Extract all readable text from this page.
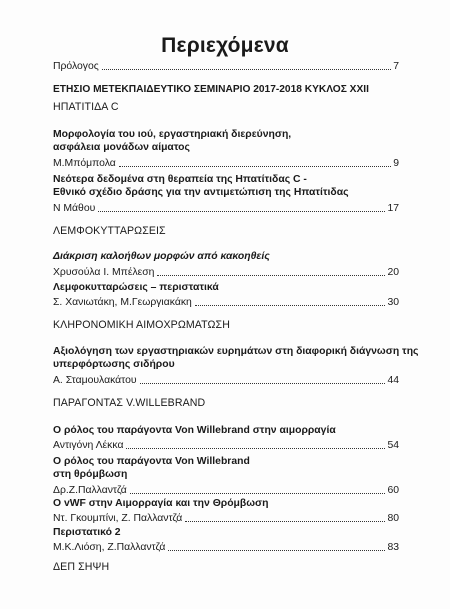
Περιεχόμενα
Πρόλογος	7
ΕΤΗΣΙΟ ΜΕΤΕΚΠΑΙΔΕΥΤΙΚΟ ΣΕΜΙΝΑΡΙΟ 2017-2018 ΚΥΚΛΟΣ XXII
ΗΠΑΤΙΤΙΔΑ C
Μορφολογία του ιού, εργαστηριακή διερεύνηση,
ασφάλεια μονάδων αίματος
Μ.Μπόμπολα	9
Νεότερα δεδομένα στη θεραπεία της Ηπατίτιδας C -
Εθνικό σχέδιο δράσης για την αντιμετώπιση της Ηπατίτιδας
Ν Μάθου	17
ΛΕΜΦΟΚΥΤΤΑΡΩΣΕΙΣ
Διάκριση καλοήθων μορφών από κακοηθείς
Χρυσούλα Ι. Μπέλεση	20
Λεμφοκυτταρώσεις – περιστατικά
Σ. Χανιωτάκη, Μ.Γεωργιακάκη	30
ΚΛΗΡΟΝΟΜΙΚΗ ΑΙΜΟΧΡΩΜΑΤΩΣΗ
Αξιολόγηση των εργαστηριακών ευρημάτων στη διαφορική διάγνωση της
υπερφόρτωσης σιδήρου
Α. Σταμουλακάτου	44
ΠΑΡΑΓΟΝΤΑΣ V.WILLEBRAND
Ο ρόλος του παράγοντα Von Willebrand στην αιμορραγία
Αντιγόνη Λέκκα	54
Ο ρόλος του παράγοντα Von Willebrand
στη θρόμβωση
Δρ.Ζ.Παλλαντζά	60
Ο vWF στην Αιμορραγία και την Θρόμβωση
Ντ. Γκουμπίνι, Ζ. Παλλαντζά	80
Περιστατικό 2
Μ.Κ.Λιόση, Ζ.Παλλαντζά	83
ΔΕΠ ΣΗΨΗ
